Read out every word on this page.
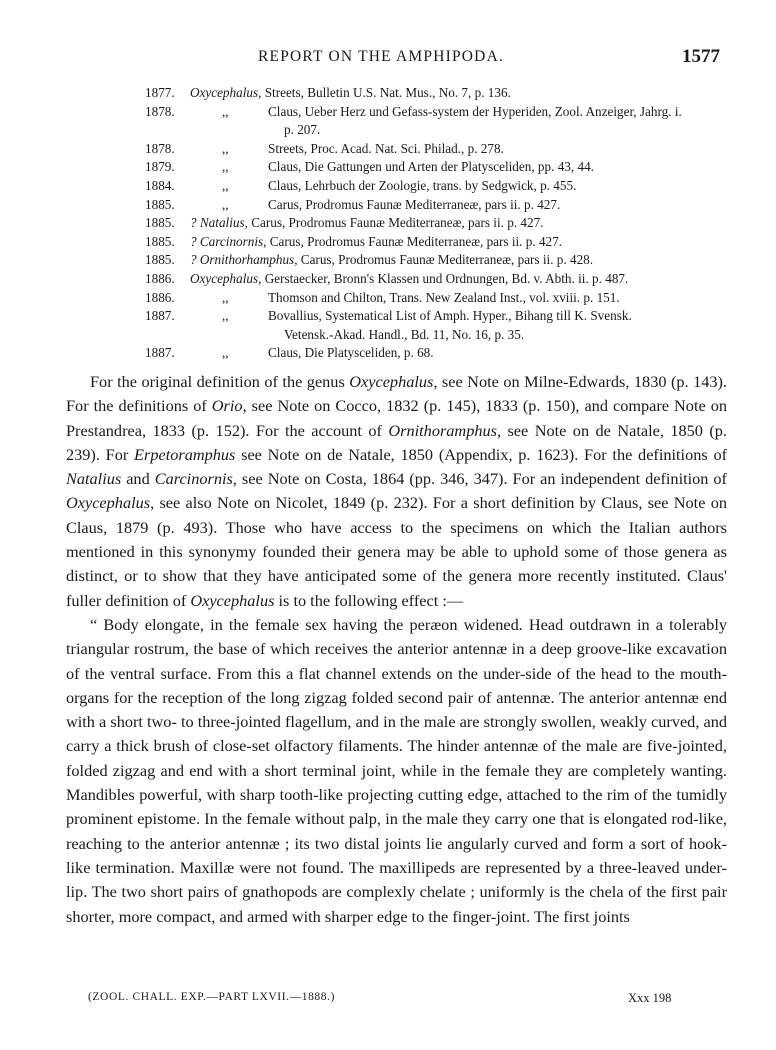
REPORT ON THE AMPHIPODA.	1577
1877. Oxycephalus, Streets, Bulletin U.S. Nat. Mus., No. 7, p. 136.
1878.	,,	Claus, Ueber Herz und Gefass-system der Hyperiden, Zool. Anzeiger, Jahrg. i.
p. 207.
1878.	,,	Streets, Proc. Acad. Nat. Sci. Philad., p. 278.
1879.	,,	Claus, Die Gattungen und Arten der Platysceliden, pp. 43, 44.
1884.	,,	Claus, Lehrbuch der Zoologie, trans. by Sedgwick, p. 455.
1885.	,,	Carus, Prodromus Faunæ Mediterraneæ, pars ii. p. 427.
1885. ? Natalius, Carus, Prodromus Faunæ Mediterraneæ, pars ii. p. 427.
1885. ? Carcinornis, Carus, Prodromus Faunæ Mediterraneæ, pars ii. p. 427.
1885. ? Ornithorhamphus, Carus, Prodromus Faunæ Mediterraneæ, pars ii. p. 428.
1886. Oxycephalus, Gerstaecker, Bronn's Klassen und Ordnungen, Bd. v. Abth. ii. p. 487.
1886.	,,	Thomson and Chilton, Trans. New Zealand Inst., vol. xviii. p. 151.
1887.	,,	Bovallius, Systematical List of Amph. Hyper., Bihang till K. Svensk.
Vetensk.-Akad. Handl., Bd. 11, No. 16, p. 35.
1887.	,,	Claus, Die Platysceliden, p. 68.

For the original definition of the genus Oxycephalus, see Note on Milne-Edwards, 1830 (p. 143). For the definitions of Orio, see Note on Cocco, 1832 (p. 145), 1833 (p. 150), and compare Note on Prestandrea, 1833 (p. 152). For the account of Ornithoramphus, see Note on de Natale, 1850 (p. 239). For Erpetoramphus see Note on de Natale, 1850 (Appendix, p. 1623). For the definitions of Natalius and Carcinornis, see Note on Costa, 1864 (pp. 346, 347). For an independent definition of Oxycephalus, see also Note on Nicolet, 1849 (p. 232). For a short definition by Claus, see Note on Claus, 1879 (p. 493). Those who have access to the specimens on which the Italian authors mentioned in this synonymy founded their genera may be able to uphold some of those genera as distinct, or to show that they have anticipated some of the genera more recently instituted. Claus' fuller definition of Oxycephalus is to the following effect :—

“ Body elongate, in the female sex having the peræon widened. Head outdrawn in a tolerably triangular rostrum, the base of which receives the anterior antennæ in a deep groove-like excavation of the ventral surface. From this a flat channel extends on the under-side of the head to the mouth-organs for the reception of the long zigzag folded second pair of antennæ. The anterior antennæ end with a short two- to three-jointed flagellum, and in the male are strongly swollen, weakly curved, and carry a thick brush of close-set olfactory filaments. The hinder antennæ of the male are five-jointed, folded zigzag and end with a short terminal joint, while in the female they are completely wanting. Mandibles powerful, with sharp tooth-like projecting cutting edge, attached to the rim of the tumidly prominent epistome. In the female without palp, in the male they carry one that is elongated rod-like, reaching to the anterior antennæ ; its two distal joints lie angularly curved and form a sort of hook-like termination. Maxillæ were not found. The maxillipeds are represented by a three-leaved under-lip. The two short pairs of gnathopods are complexly chelate ; uniformly is the chela of the first pair shorter, more compact, and armed with sharper edge to the finger-joint. The first joints

(ZOOL. CHALL. EXP.—PART LXVII.—1888.)	Xxx 198
